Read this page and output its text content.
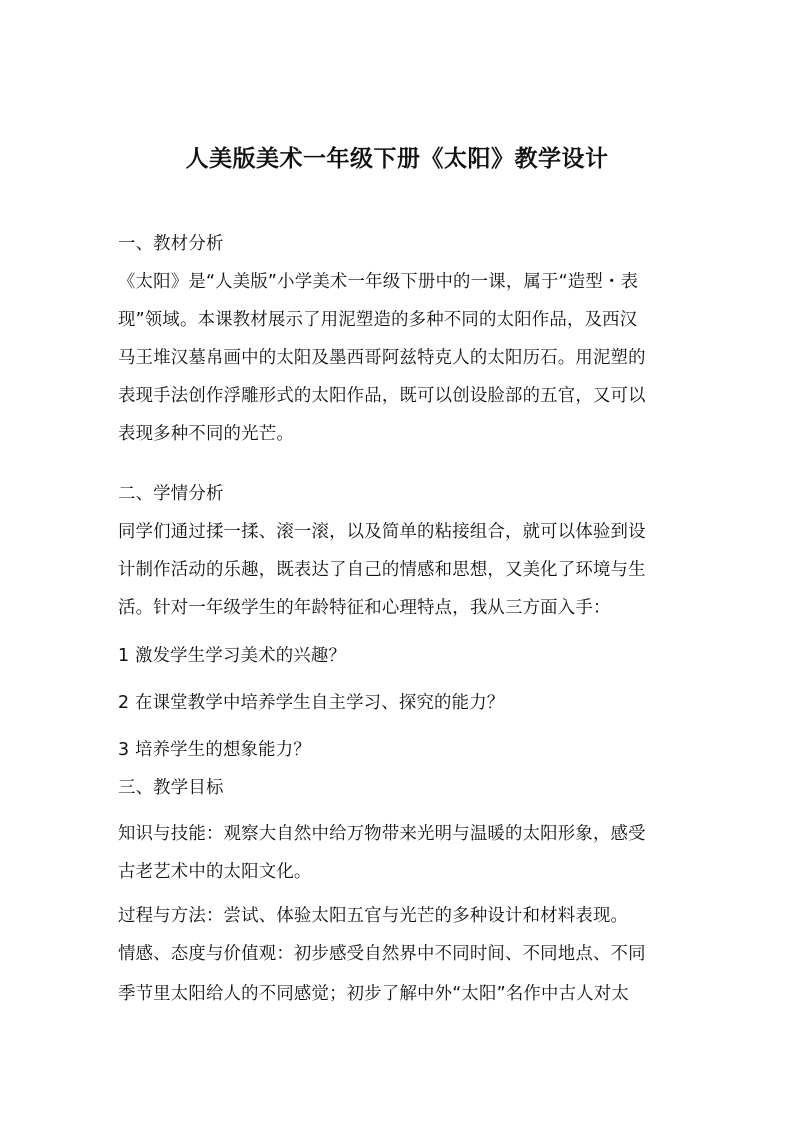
人美版美术一年级下册《太阳》教学设计
一、教材分析
《太阳》是“人美版”小学美术一年级下册中的一课，属于“造型・表
现”领域。本课教材展示了用泥塑造的多种不同的太阳作品，及西汉
马王堆汉墓帛画中的太阳及墨西哥阿兹特克人的太阳历石。用泥塑的
表现手法创作浮雕形式的太阳作品，既可以创设脸部的五官，又可以
表现多种不同的光芒。
二、学情分析
同学们通过揉一揉、滚一滚，以及简单的粘接组合，就可以体验到设
计制作活动的乐趣，既表达了自己的情感和思想，又美化了环境与生
活。针对一年级学生的年龄特征和心理特点，我从三方面入手：
1 激发学生学习美术的兴趣？
2 在课堂教学中培养学生自主学习、探究的能力？
3 培养学生的想象能力？
三、教学目标
知识与技能：观察大自然中给万物带来光明与温暖的太阳形象，感受
古老艺术中的太阳文化。
过程与方法：尝试、体验太阳五官与光芒的多种设计和材料表现。
情感、态度与价值观：初步感受自然界中不同时间、不同地点、不同
季节里太阳给人的不同感觉；初步了解中外“太阳”名作中古人对太
